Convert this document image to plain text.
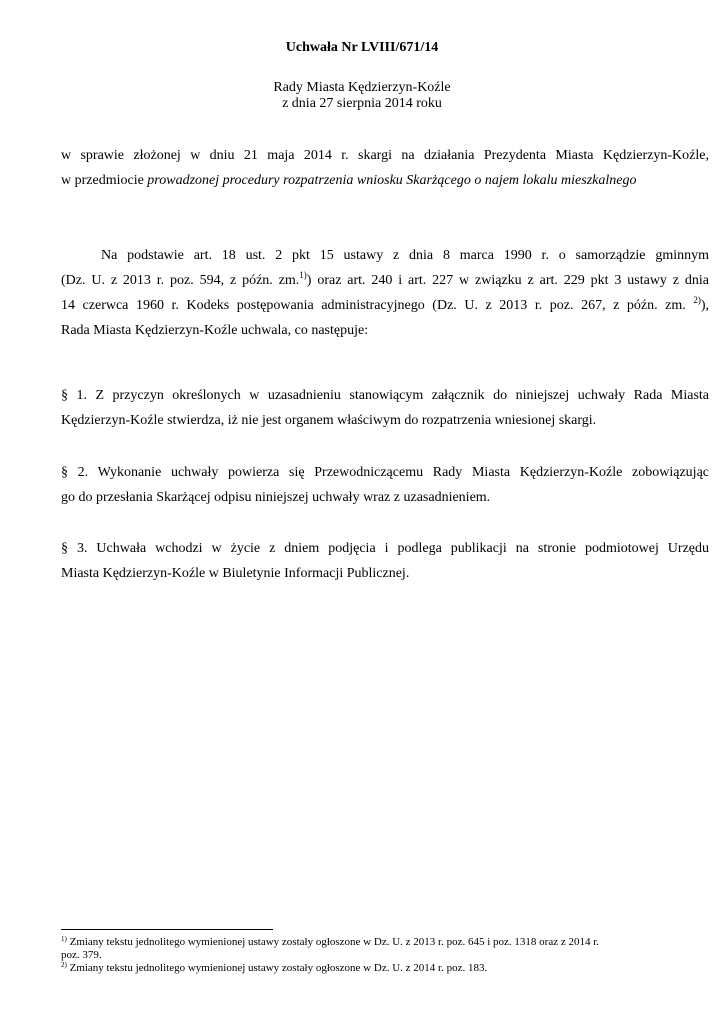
Uchwała Nr LVIII/671/14
Rady Miasta Kędzierzyn-Koźle
z dnia 27 sierpnia 2014 roku
w sprawie złożonej w dniu 21 maja 2014 r. skargi na działania Prezydenta Miasta Kędzierzyn-Koźle,
w przedmiocie prowadzonej procedury rozpatrzenia wniosku Skarżącego o najem lokalu mieszkalnego
Na podstawie art. 18 ust. 2 pkt 15 ustawy z dnia 8 marca 1990 r. o samorządzie gminnym
(Dz. U. z 2013 r. poz. 594, z późn. zm.$^{1)}$) oraz art. 240 i art. 227 w związku z art. 229 pkt 3 ustawy z dnia
14 czerwca 1960 r. Kodeks postępowania administracyjnego (Dz. U. z 2013 r. poz. 267, z późn. zm. $^{2)}$),
Rada Miasta Kędzierzyn-Koźle uchwala, co następuje:
§ 1. Z przyczyn określonych w uzasadnieniu stanowiącym załącznik do niniejszej uchwały Rada Miasta
Kędzierzyn-Koźle stwierdza, iż nie jest organem właściwym do rozpatrzenia wniesionej skargi.
§ 2. Wykonanie uchwały powierza się Przewodniczącemu Rady Miasta Kędzierzyn-Koźle zobowiązując
go do przesłania Skarżącej odpisu niniejszej uchwały wraz z uzasadnieniem.
§ 3. Uchwała wchodzi w życie z dniem podjęcia i podlega publikacji na stronie podmiotowej Urzędu
Miasta Kędzierzyn-Koźle w Biuletynie Informacji Publicznej.
$^{1)}$ Zmiany tekstu jednolitego wymienionej ustawy zostały ogłoszone w Dz. U. z 2013 r. poz. 645 i poz. 1318 oraz z 2014 r.
poz. 379.
$^{2)}$ Zmiany tekstu jednolitego wymienionej ustawy zostały ogłoszone w Dz. U. z 2014 r. poz. 183.
